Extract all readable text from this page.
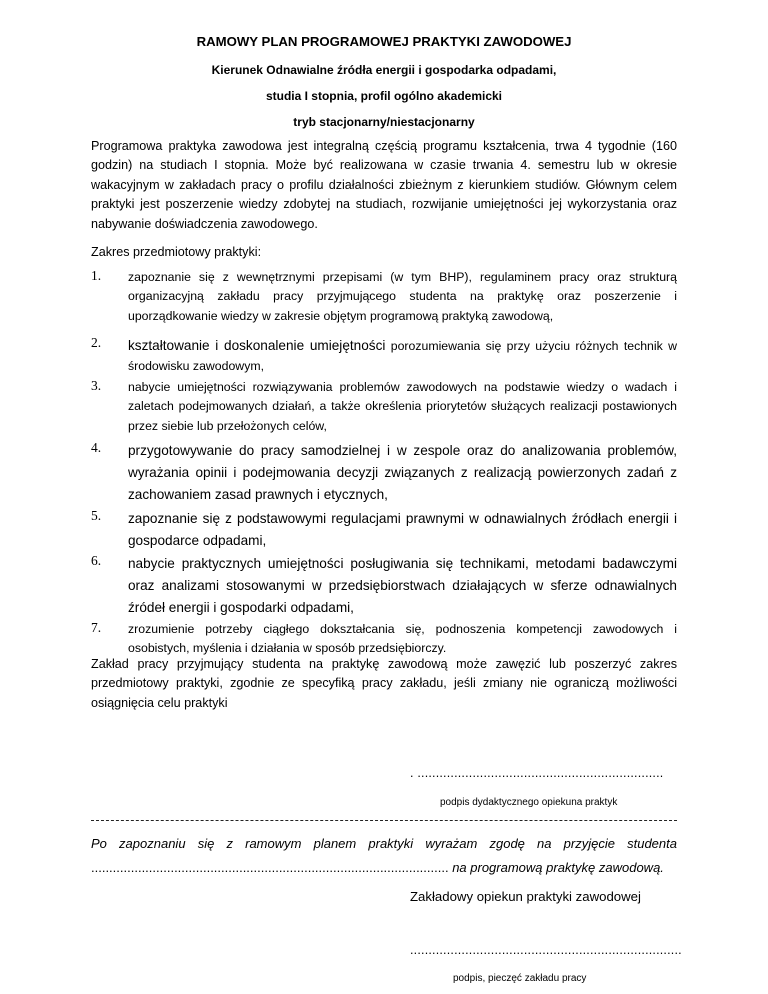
RAMOWY PLAN PROGRAMOWEJ PRAKTYKI ZAWODOWEJ
Kierunek Odnawialne źródła energii i gospodarka odpadami,
studia I stopnia, profil ogólno akademicki
tryb stacjonarny/niestacjonarny
Programowa praktyka zawodowa jest integralną częścią programu kształcenia, trwa 4 tygodnie (160 godzin) na studiach I stopnia. Może być realizowana w czasie trwania 4. semestru lub w okresie wakacyjnym w zakładach pracy o profilu działalności zbieżnym z kierunkiem studiów. Głównym celem praktyki jest poszerzenie wiedzy zdobytej na studiach, rozwijanie umiejętności jej wykorzystania oraz nabywanie doświadczenia zawodowego.
Zakres przedmiotowy praktyki:
1. zapoznanie się z wewnętrznymi przepisami (w tym BHP), regulaminem pracy oraz strukturą organizacyjną zakładu pracy przyjmującego studenta na praktykę oraz poszerzenie i uporządkowanie wiedzy w zakresie objętym programową praktyką zawodową,
2. kształtowanie i doskonalenie umiejętności porozumiewania się przy użyciu różnych technik w środowisku zawodowym,
3. nabycie umiejętności rozwiązywania problemów zawodowych na podstawie wiedzy o wadach i zaletach podejmowanych działań, a także określenia priorytetów służących realizacji postawionych przez siebie lub przełożonych celów,
4. przygotowywanie do pracy samodzielnej i w zespole oraz do analizowania problemów, wyrażania opinii i podejmowania decyzji związanych z realizacją powierzonych zadań z zachowaniem zasad prawnych i etycznych,
5. zapoznanie się z podstawowymi regulacjami prawnymi w odnawialnych źródłach energii i gospodarce odpadami,
6. nabycie praktycznych umiejętności posługiwania się technikami, metodami badawczymi oraz analizami stosowanymi w przedsiębiorstwach działających w sferze odnawialnych źródeł energii i gospodarki odpadami,
7. zrozumienie potrzeby ciągłego dokształcania się, podnoszenia kompetencji zawodowych i osobistych, myślenia i działania w sposób przedsiębiorczy.
Zakład pracy przyjmujący studenta na praktykę zawodową może zawęzić lub poszerzyć zakres przedmiotowy praktyki, zgodnie ze specyfiką pracy zakładu, jeśli zmiany nie ograniczą możliwości osiągnięcia celu praktyki
. ...................................................................
podpis dydaktycznego opiekuna praktyk
Po zapoznaniu się z ramowym planem praktyki wyrażam zgodę na przyjęcie studenta
................................................................................................... na programową praktykę zawodową.
Zakładowy opiekun praktyki zawodowej
..........................................................................
podpis, pieczęć zakładu pracy
